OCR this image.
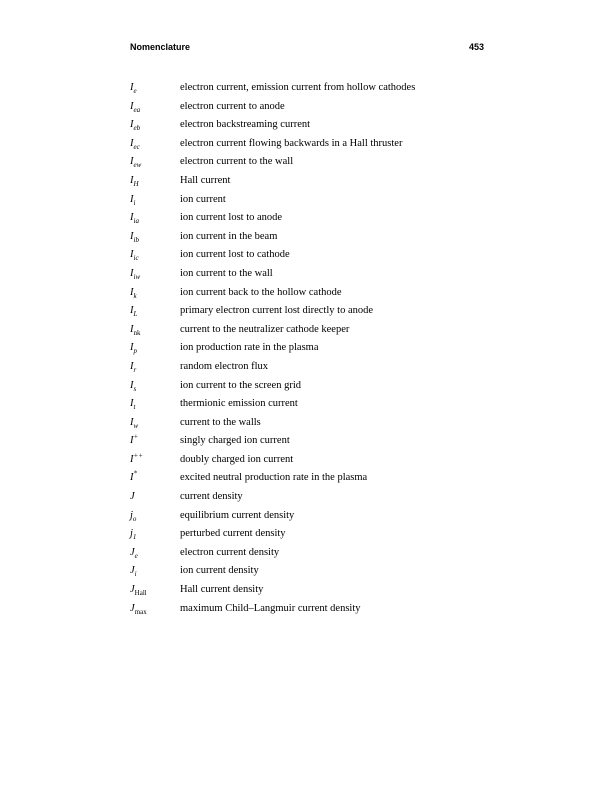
Nomenclature	453
$I_e$	electron current, emission current from hollow cathodes
$I_{ea}$	electron current to anode
$I_{eb}$	electron backstreaming current
$I_{ec}$	electron current flowing backwards in a Hall thruster
$I_{ew}$	electron current to the wall
$I_H$	Hall current
$I_i$	ion current
$I_{ia}$	ion current lost to anode
$I_{ib}$	ion current in the beam
$I_{ic}$	ion current lost to cathode
$I_{iw}$	ion current to the wall
$I_k$	ion current back to the hollow cathode
$I_L$	primary electron current lost directly to anode
$I_{nk}$	current to the neutralizer cathode keeper
$I_p$	ion production rate in the plasma
$I_r$	random electron flux
$I_s$	ion current to the screen grid
$I_t$	thermionic emission current
$I_w$	current to the walls
I+	singly charged ion current
I++	doubly charged ion current
I*	excited neutral production rate in the plasma
J	current density
$j_o$	equilibrium current density
$j_1$	perturbed current density
$J_e$	electron current density
$J_i$	ion current density
$J_{Hall}$	Hall current density
$J_{max}$	maximum Child–Langmuir current density
